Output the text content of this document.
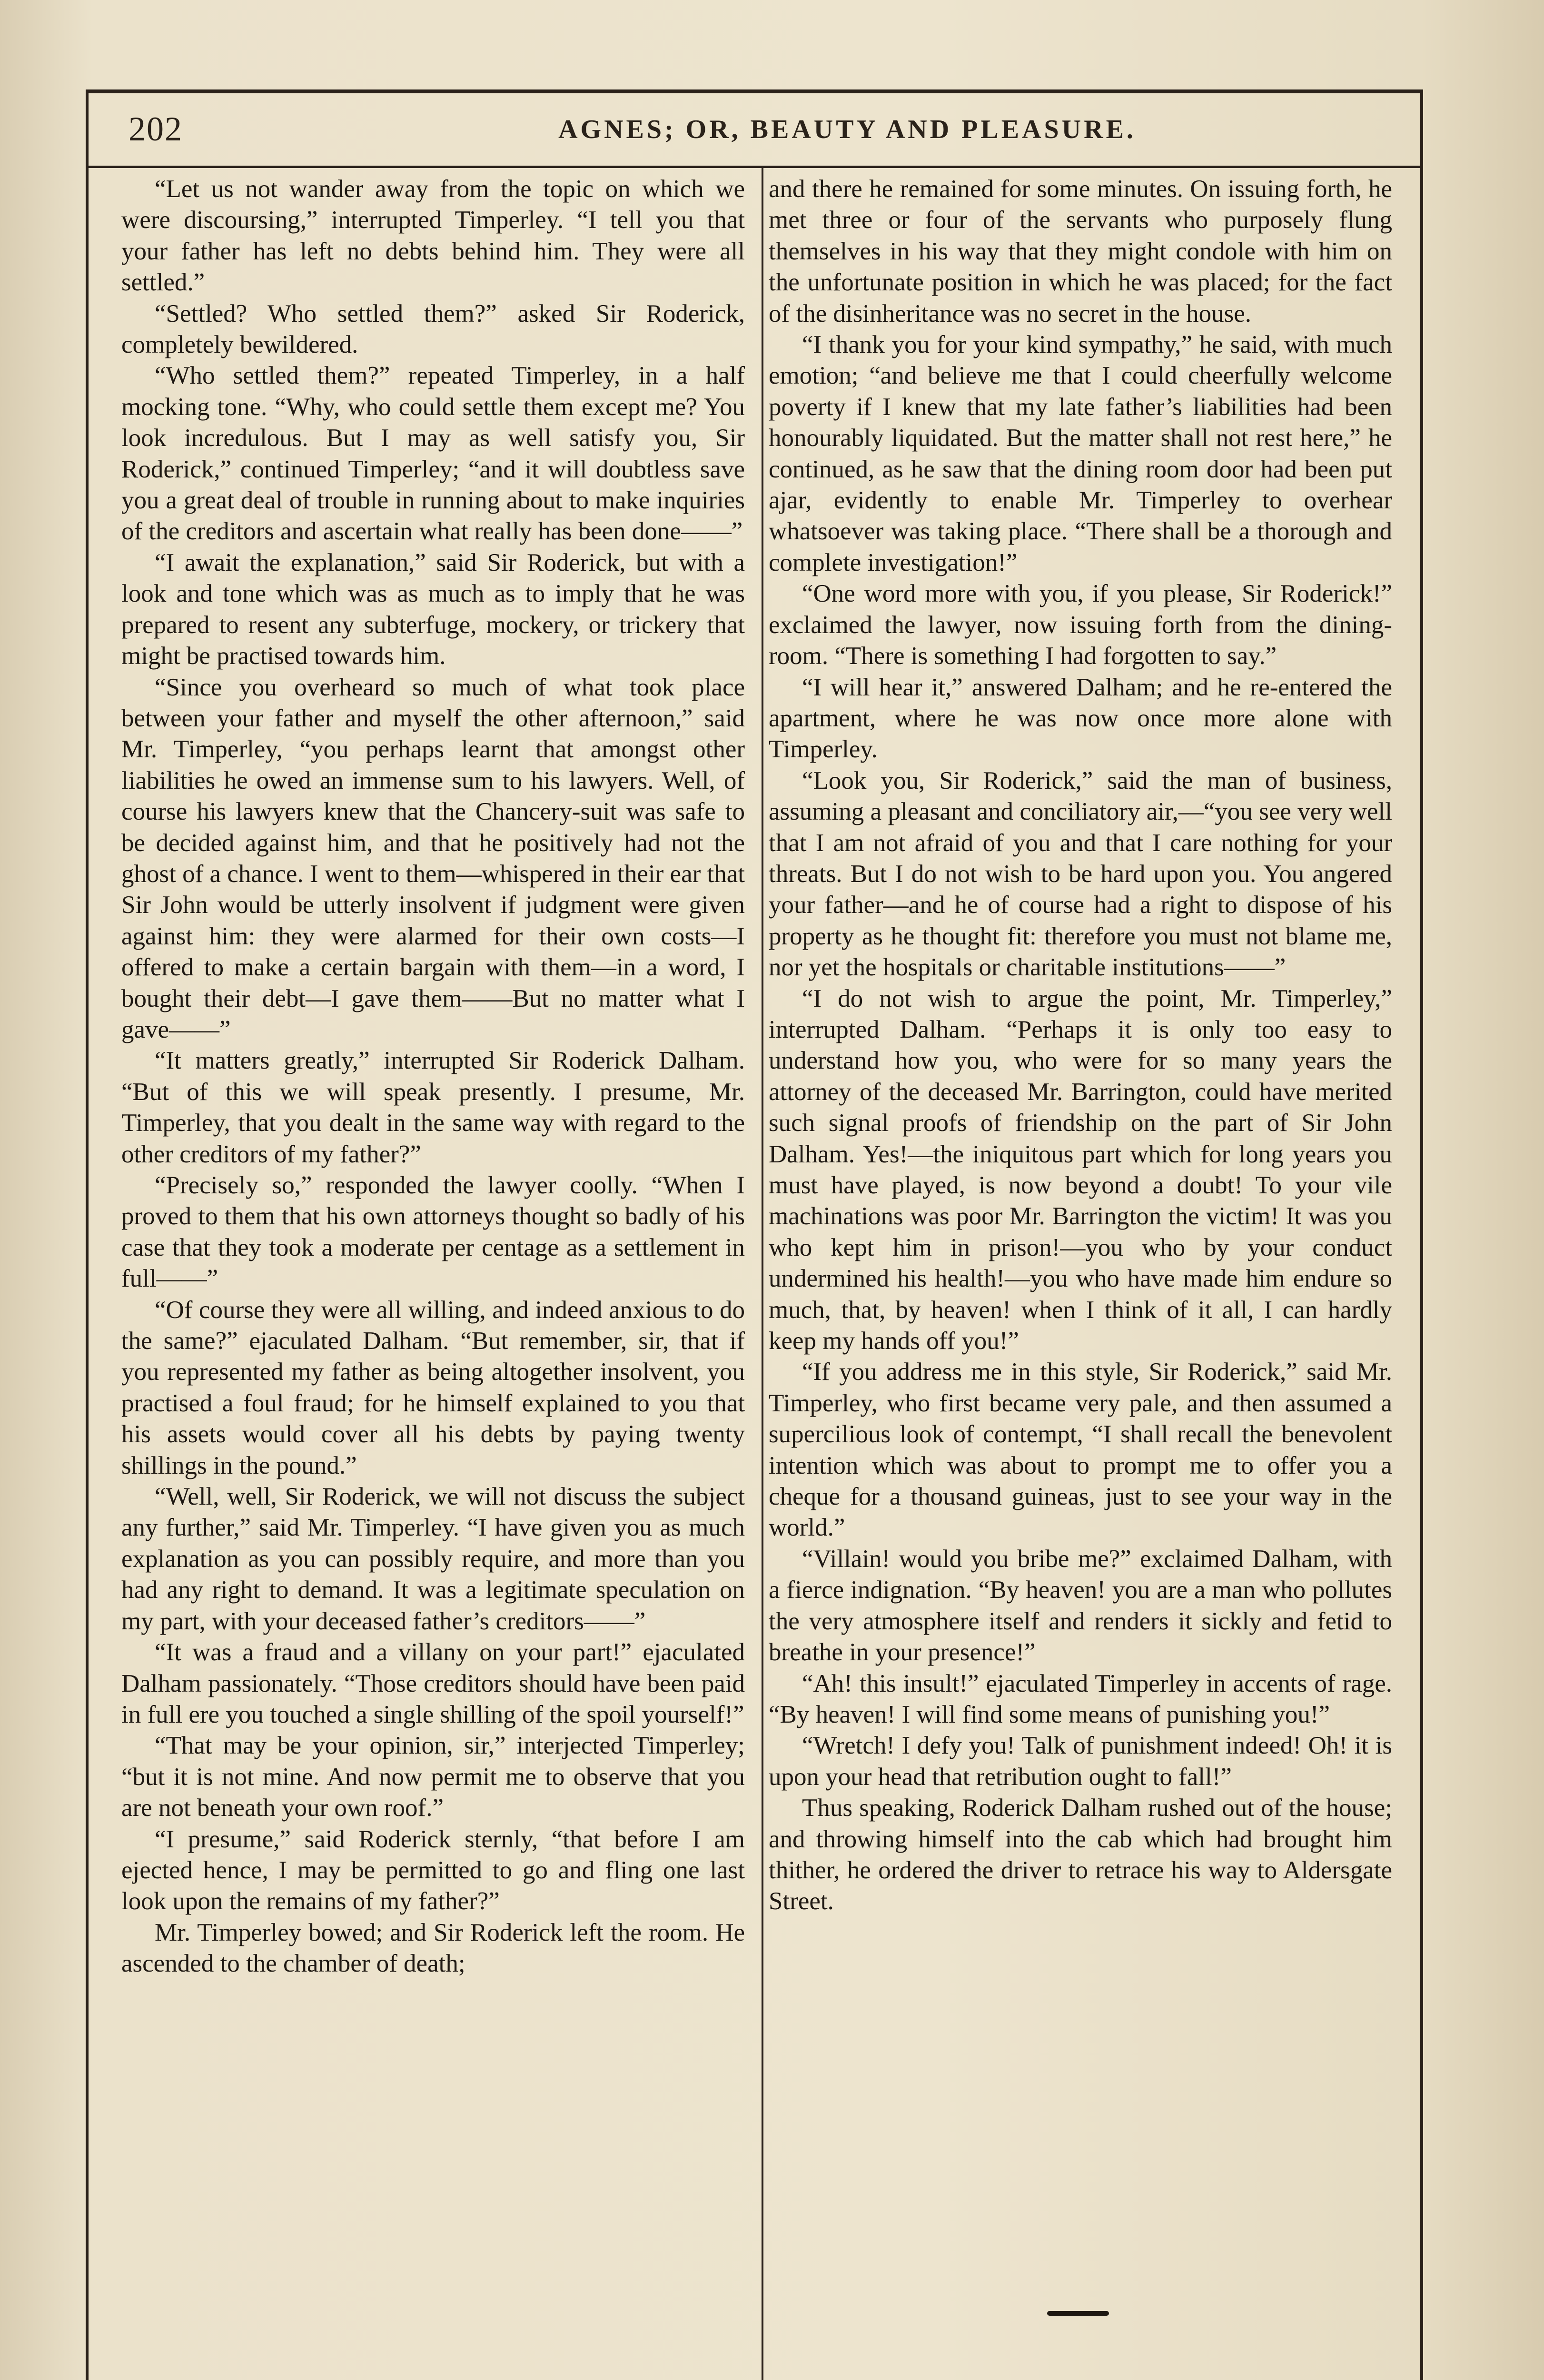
202	AGNES; OR, BEAUTY AND PLEASURE.

“Let us not wander away from the topic on which we were discoursing,” interrupted Timperley. “I tell you that your father has left no debts behind him. They were all settled.”

“Settled? Who settled them?” asked Sir Roderick, completely bewildered.

“Who settled them?” repeated Timperley, in a half mocking tone. “Why, who could settle them except me? You look incredulous. But I may as well satisfy you, Sir Roderick,” continued Timperley; “and it will doubtless save you a great deal of trouble in running about to make inquiries of the creditors and ascertain what really has been done——”

“I await the explanation,” said Sir Roderick, but with a look and tone which was as much as to imply that he was prepared to resent any subterfuge, mockery, or trickery that might be practised towards him.

“Since you overheard so much of what took place between your father and myself the other afternoon,” said Mr. Timperley, “you perhaps learnt that amongst other liabilities he owed an immense sum to his lawyers. Well, of course his lawyers knew that the Chancery-suit was safe to be decided against him, and that he positively had not the ghost of a chance. I went to them—whispered in their ear that Sir John would be utterly insolvent if judgment were given against him: they were alarmed for their own costs—I offered to make a certain bargain with them—in a word, I bought their debt—I gave them——But no matter what I gave——”

“It matters greatly,” interrupted Sir Roderick Dalham. “But of this we will speak presently. I presume, Mr. Timperley, that you dealt in the same way with regard to the other creditors of my father?”

“Precisely so,” responded the lawyer coolly. “When I proved to them that his own attorneys thought so badly of his case that they took a moderate per centage as a settlement in full——”

“Of course they were all willing, and indeed anxious to do the same?” ejaculated Dalham. “But remember, sir, that if you represented my father as being altogether insolvent, you practised a foul fraud; for he himself explained to you that his assets would cover all his debts by paying twenty shillings in the pound.”

“Well, well, Sir Roderick, we will not discuss the subject any further,” said Mr. Timperley. “I have given you as much explanation as you can possibly require, and more than you had any right to demand. It was a legitimate speculation on my part, with your deceased father’s creditors——”

“It was a fraud and a villany on your part!” ejaculated Dalham passionately. “Those creditors should have been paid in full ere you touched a single shilling of the spoil yourself!”

“That may be your opinion, sir,” interjected Timperley; “but it is not mine. And now permit me to observe that you are not beneath your own roof.”

“I presume,” said Roderick sternly, “that before I am ejected hence, I may be permitted to go and fling one last look upon the remains of my father?”

Mr. Timperley bowed; and Sir Roderick left the room. He ascended to the chamber of death;

and there he remained for some minutes. On issuing forth, he met three or four of the servants who purposely flung themselves in his way that they might condole with him on the unfortunate position in which he was placed; for the fact of the disinheritance was no secret in the house.

“I thank you for your kind sympathy,” he said, with much emotion; “and believe me that I could cheerfully welcome poverty if I knew that my late father’s liabilities had been honourably liquidated. But the matter shall not rest here,” he continued, as he saw that the dining room door had been put ajar, evidently to enable Mr. Timperley to overhear whatsoever was taking place. “There shall be a thorough and complete investigation!”

“One word more with you, if you please, Sir Roderick!” exclaimed the lawyer, now issuing forth from the dining-room. “There is something I had forgotten to say.”

“I will hear it,” answered Dalham; and he re-entered the apartment, where he was now once more alone with Timperley.

“Look you, Sir Roderick,” said the man of business, assuming a pleasant and conciliatory air,—“you see very well that I am not afraid of you and that I care nothing for your threats. But I do not wish to be hard upon you. You angered your father—and he of course had a right to dispose of his property as he thought fit: therefore you must not blame me, nor yet the hospitals or charitable institutions——”

“I do not wish to argue the point, Mr. Timperley,” interrupted Dalham. “Perhaps it is only too easy to understand how you, who were for so many years the attorney of the deceased Mr. Barrington, could have merited such signal proofs of friendship on the part of Sir John Dalham. Yes!—the iniquitous part which for long years you must have played, is now beyond a doubt! To your vile machinations was poor Mr. Barrington the victim! It was you who kept him in prison!—you who by your conduct undermined his health!—you who have made him endure so much, that, by heaven! when I think of it all, I can hardly keep my hands off you!”

“If you address me in this style, Sir Roderick,” said Mr. Timperley, who first became very pale, and then assumed a supercilious look of contempt, “I shall recall the benevolent intention which was about to prompt me to offer you a cheque for a thousand guineas, just to see your way in the world.”

“Villain! would you bribe me?” exclaimed Dalham, with a fierce indignation. “By heaven! you are a man who pollutes the very atmosphere itself and renders it sickly and fetid to breathe in your presence!”

“Ah! this insult!” ejaculated Timperley in accents of rage. “By heaven! I will find some means of punishing you!”

“Wretch! I defy you! Talk of punishment indeed! Oh! it is upon your head that retribution ought to fall!”

Thus speaking, Roderick Dalham rushed out of the house; and throwing himself into the cab which had brought him thither, he ordered the driver to retrace his way to Aldersgate Street.
